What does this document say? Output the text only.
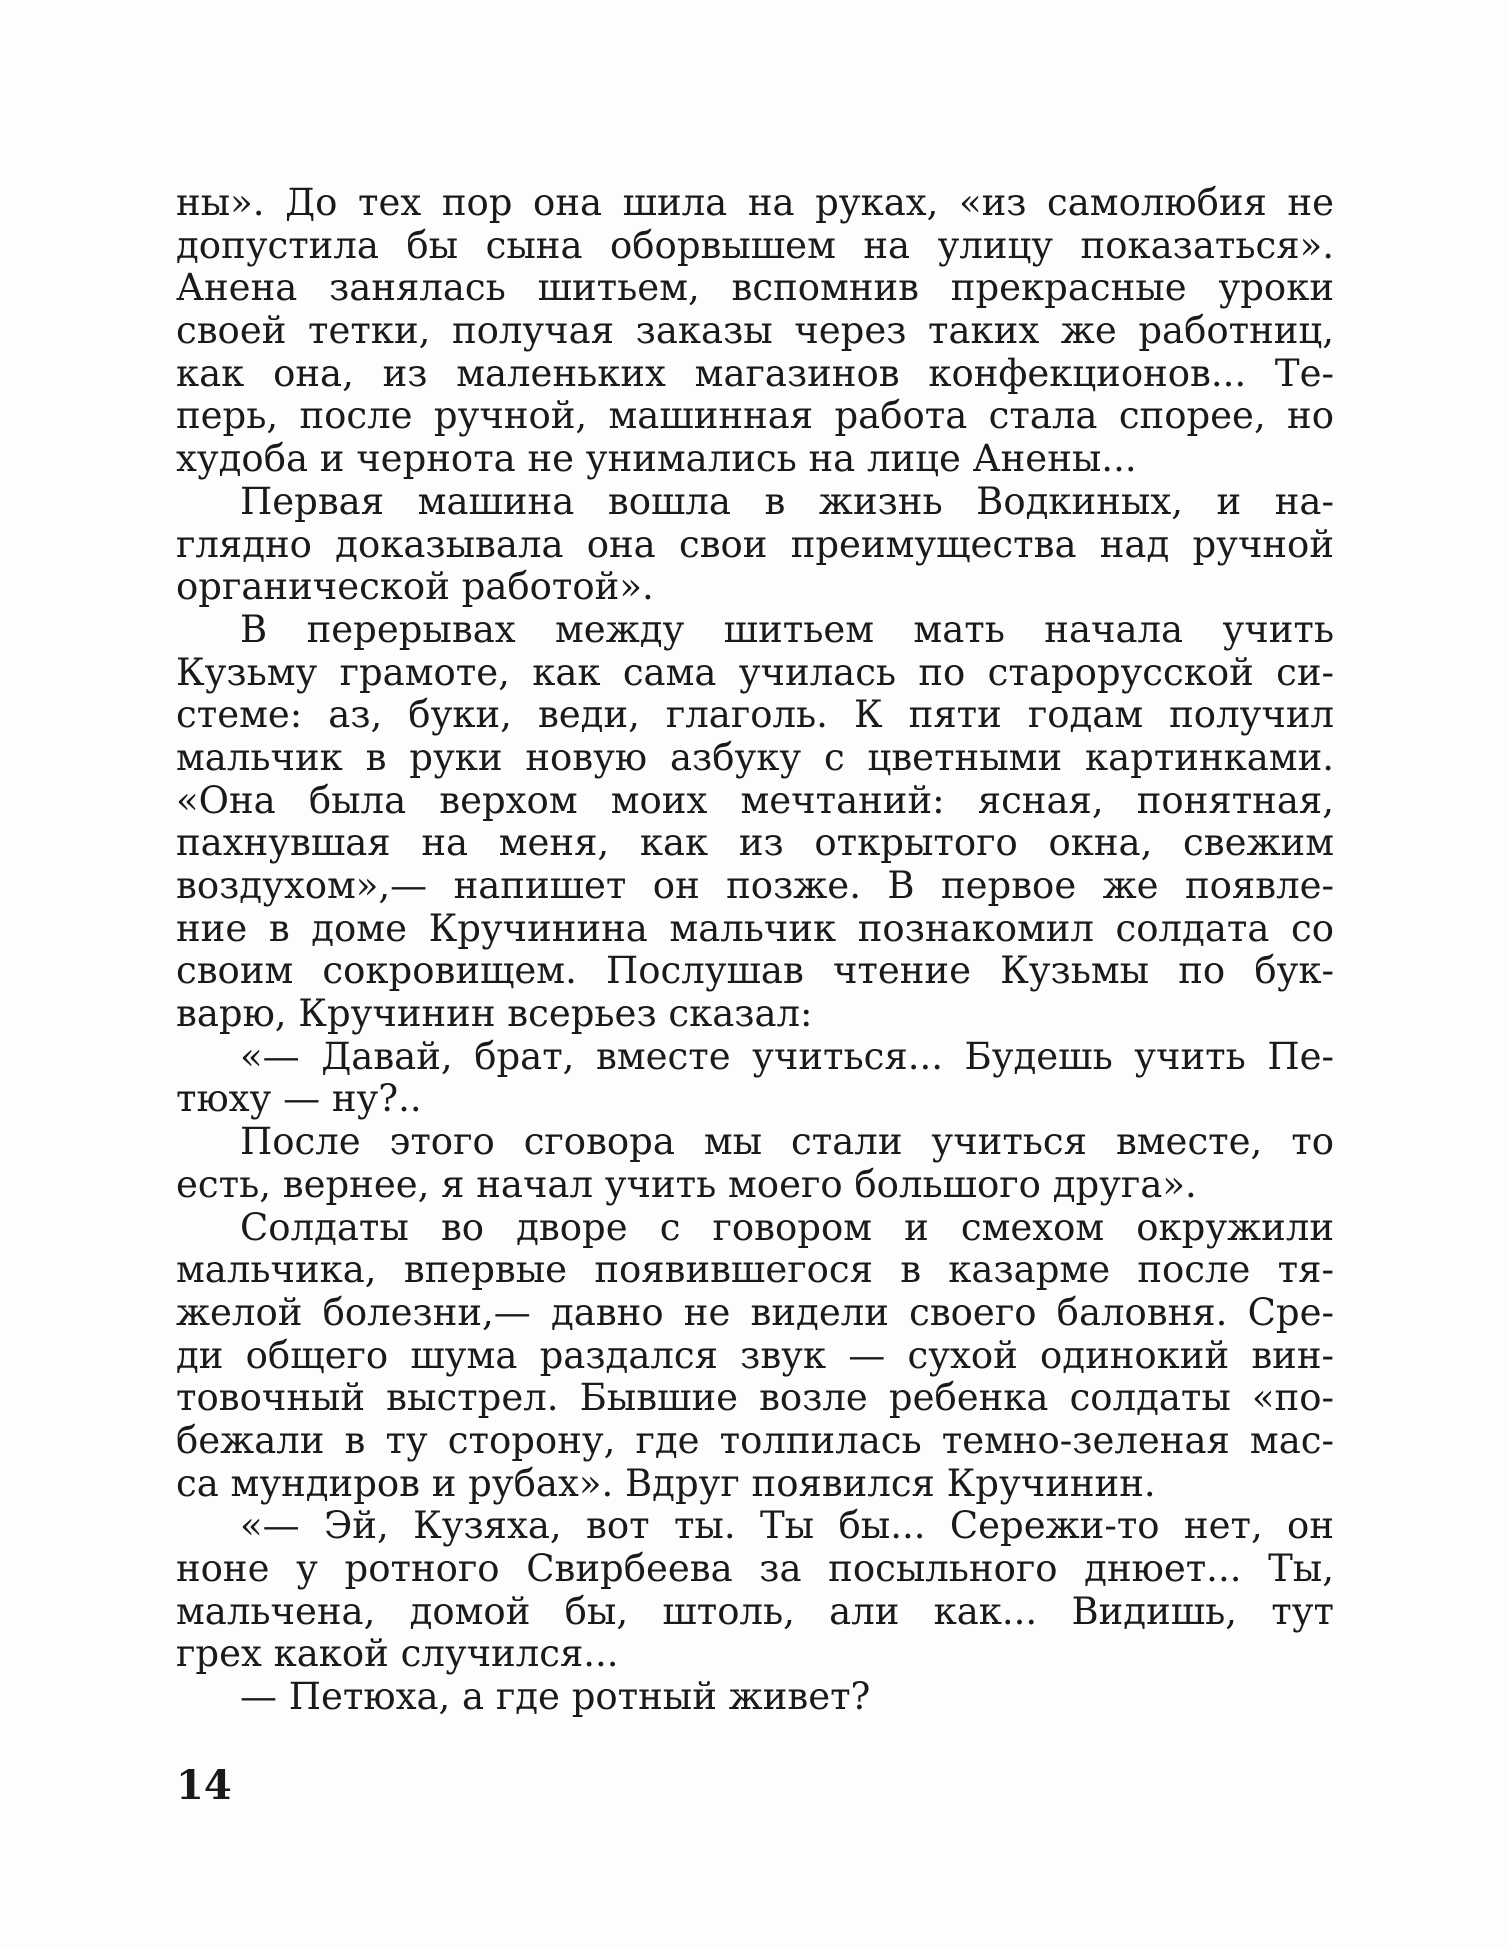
ны». До тех пор она шила на руках, «из самолюбия не
допустила бы сына оборвышем на улицу показаться».
Анена занялась шитьем, вспомнив прекрасные уроки
своей тетки, получая заказы через таких же работниц,
как она, из маленьких магазинов конфекционов... Те-
перь, после ручной, машинная работа стала спорее, но
худоба и чернота не унимались на лице Анены...
Первая машина вошла в жизнь Водкиных, и на-
глядно доказывала она свои преимущества над ручной
органической работой».
В перерывах между шитьем мать начала учить
Кузьму грамоте, как сама училась по старорусской си-
стеме: аз, буки, веди, глаголь. К пяти годам получил
мальчик в руки новую азбуку с цветными картинками.
«Она была верхом моих мечтаний: ясная, понятная,
пахнувшая на меня, как из открытого окна, свежим
воздухом»,— напишет он позже. В первое же появле-
ние в доме Кручинина мальчик познакомил солдата со
своим сокровищем. Послушав чтение Кузьмы по бук-
варю, Кручинин всерьез сказал:
«— Давай, брат, вместе учиться... Будешь учить Пе-
тюху — ну?..
После этого сговора мы стали учиться вместе, то
есть, вернее, я начал учить моего большого друга».
Солдаты во дворе с говором и смехом окружили
мальчика, впервые появившегося в казарме после тя-
желой болезни,— давно не видели своего баловня. Сре-
ди общего шума раздался звук — сухой одинокий вин-
товочный выстрел. Бывшие возле ребенка солдаты «по-
бежали в ту сторону, где толпилась темно-зеленая мас-
са мундиров и рубах». Вдруг появился Кручинин.
«— Эй, Кузяха, вот ты. Ты бы... Сережи-то нет, он
ноне у ротного Свирбеева за посыльного днюет... Ты,
мальчена, домой бы, штоль, али как... Видишь, тут
грех какой случился...
— Петюха, а где ротный живет?
14
